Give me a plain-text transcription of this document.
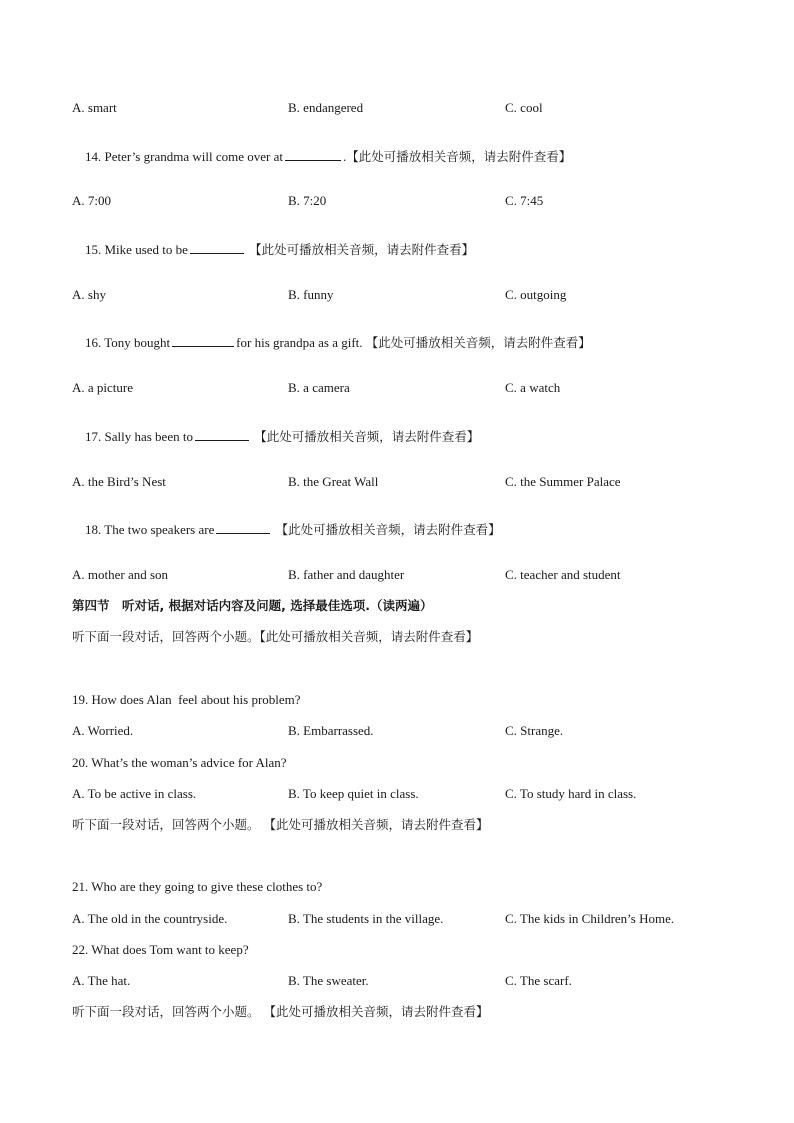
A. smart	B. endangered	C. cool

14. Peter’s grandma will come over at	.【此处可播放相关音频，请去附件查看】

A. 7:00	B. 7:20	C. 7:45

15. Mike used to be	【此处可播放相关音频，请去附件查看】

A. shy	B. funny	C. outgoing

16. Tony bought	for his grandpa as a gift. 【此处可播放相关音频，请去附件查看】

A. a picture	B. a camera	C. a watch

17. Sally has been to	【此处可播放相关音频，请去附件查看】

A. the Bird’s Nest	B. the Great Wall	C. the Summer Palace

18. The two speakers are	【此处可播放相关音频，请去附件查看】

A. mother and son	B. father and daughter	C. teacher and student
第四节　听对话, 根据对话内容及问题, 选择最佳选项.（读两遍）
听下面一段对话，回答两个小题。【此处可播放相关音频，请去附件查看】
19. How does Alan  feel about his problem?
A. Worried.	B. Embarrassed.	C. Strange.
20. What’s the woman’s advice for Alan?
A. To be active in class.	B. To keep quiet in class.	C. To study hard in class.
听下面一段对话，回答两个小题。 【此处可播放相关音频，请去附件查看】
21. Who are they going to give these clothes to?
A. The old in the countryside.	B. The students in the village.	C. The kids in Children’s Home.
22. What does Tom want to keep?
A. The hat.	B. The sweater.	C. The scarf.
听下面一段对话，回答两个小题。 【此处可播放相关音频，请去附件查看】
